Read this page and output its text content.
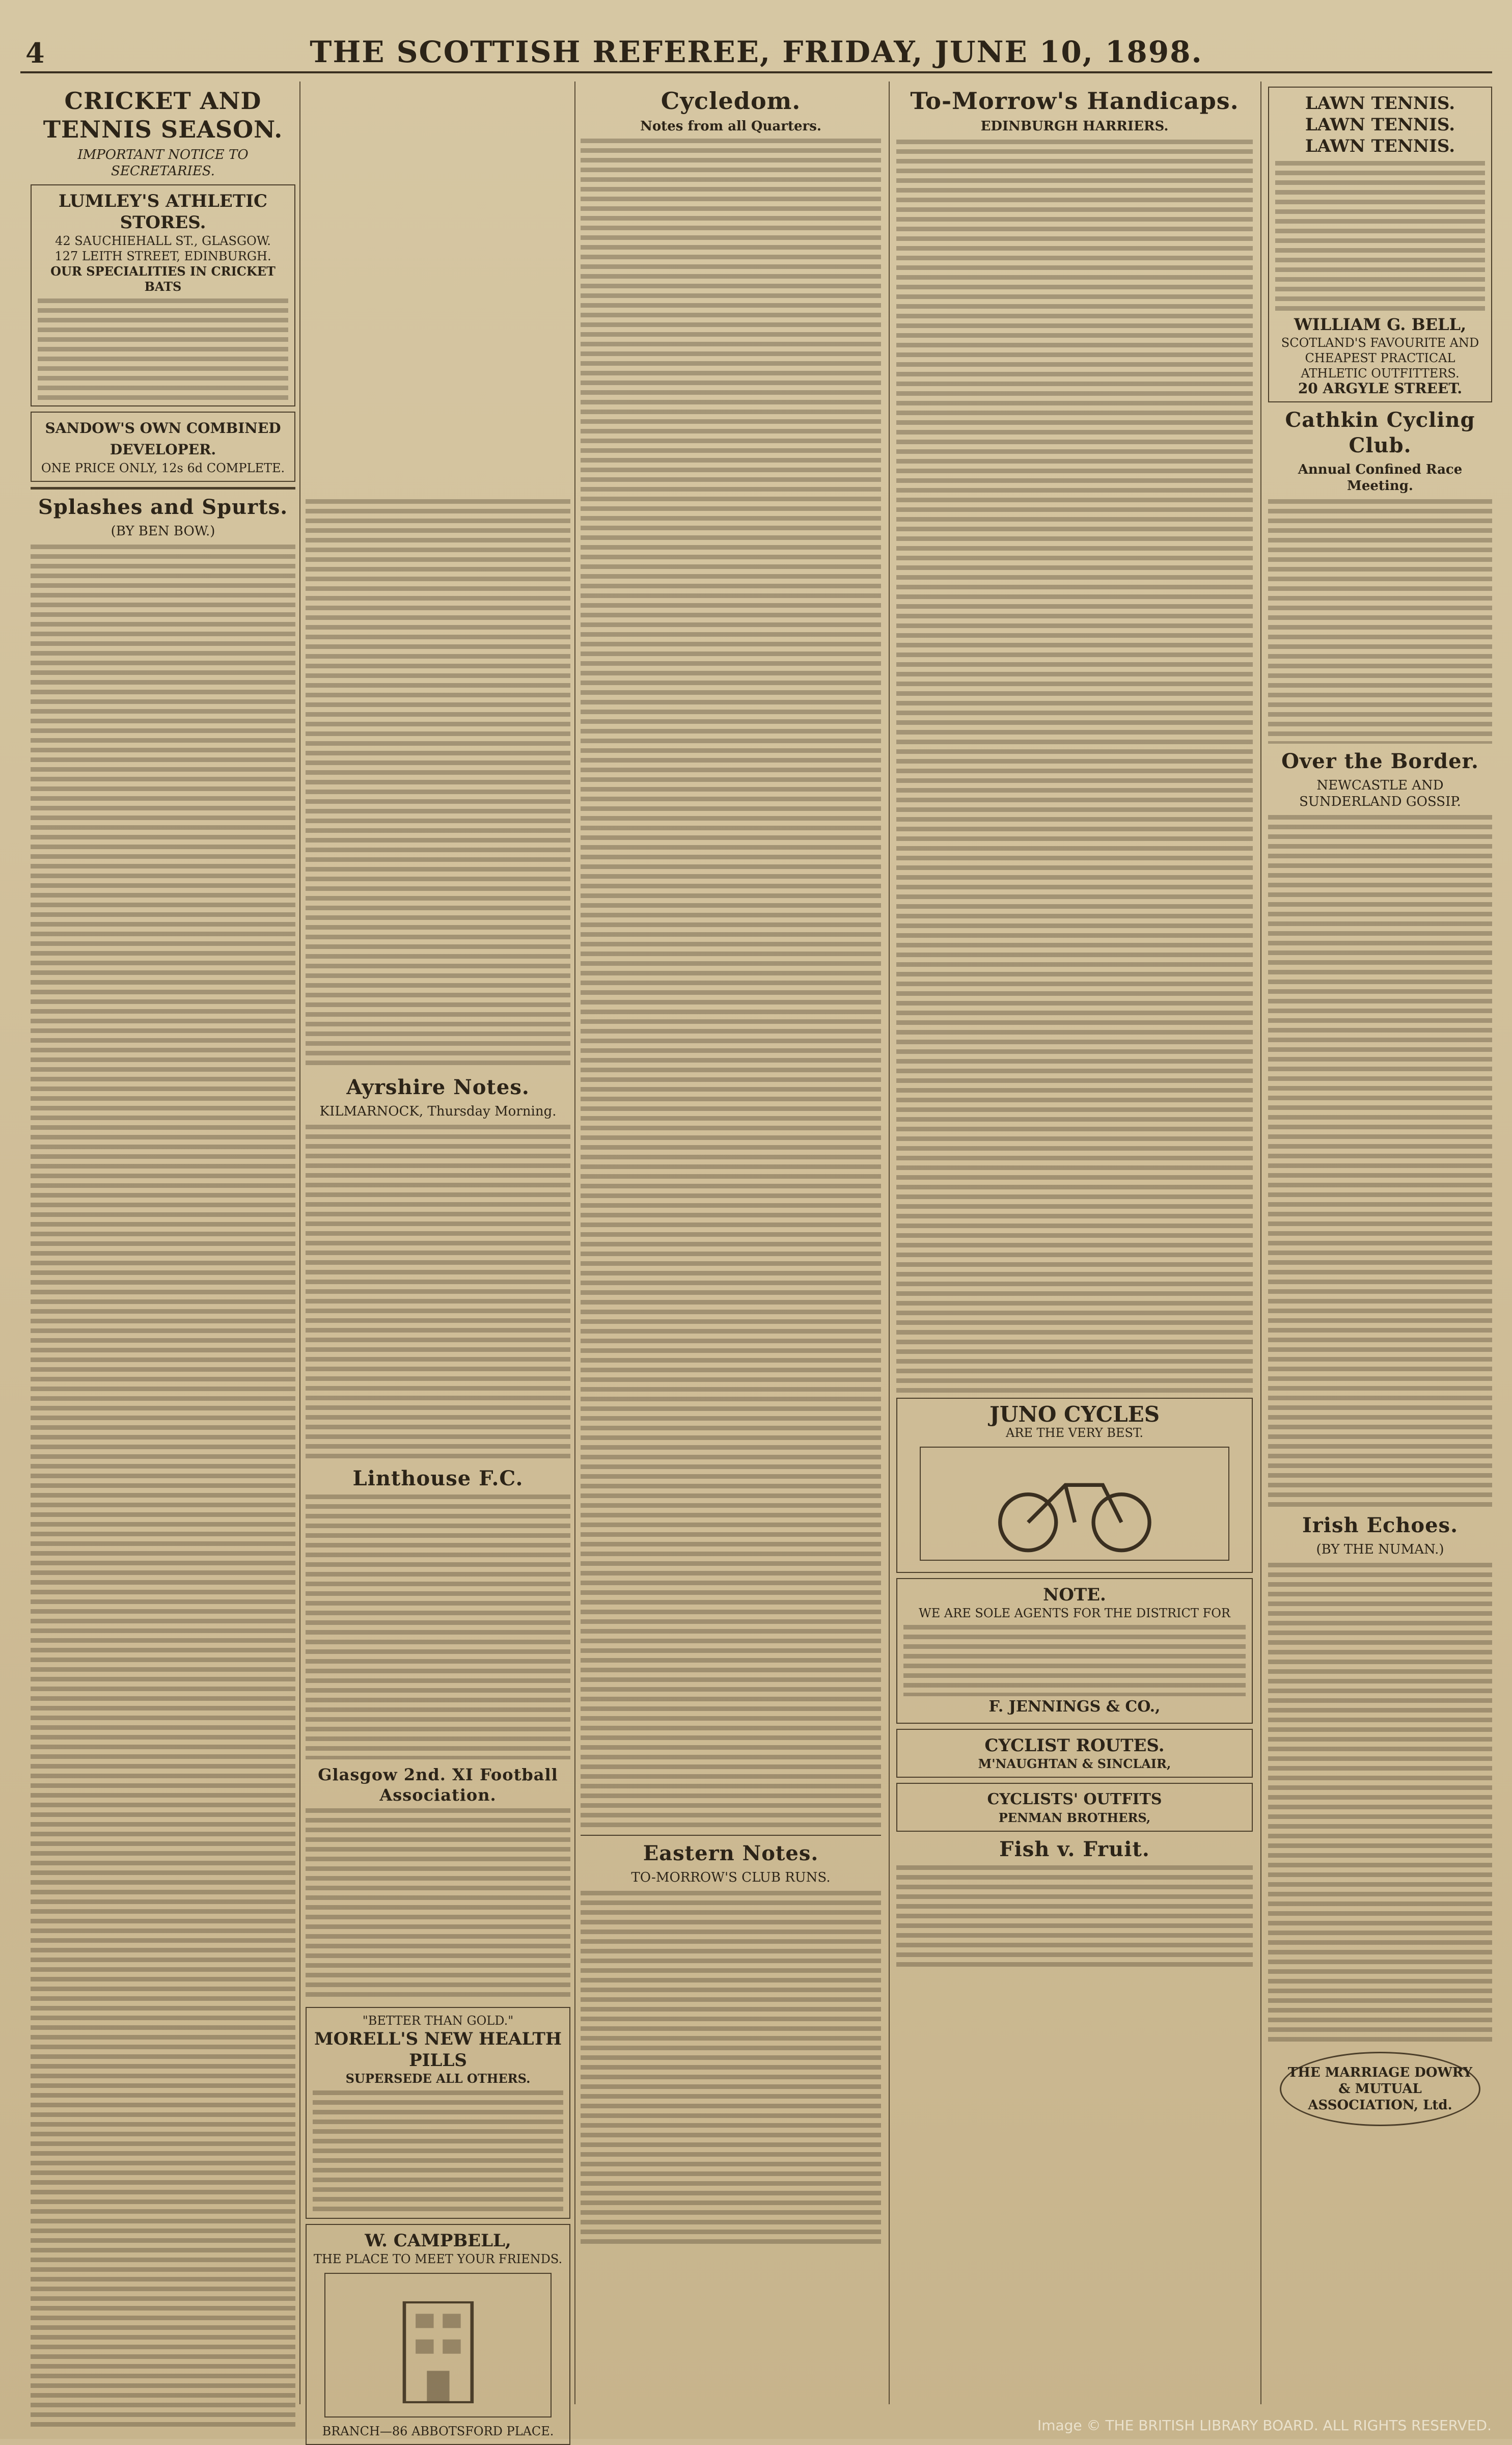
4	THE SCOTTISH REFEREE, FRIDAY, JUNE 10, 1898.
CRICKET AND TENNIS SEASON.
IMPORTANT NOTICE TO SECRETARIES.
LUMLEY'S ATHLETIC STORES.
42 SAUCHIEHALL ST., GLASGOW.
127 LEITH STREET, EDINBURGH.
OUR SPECIALITIES IN CRICKET BATS
SANDOW'S OWN COMBINED DEVELOPER.
ONE PRICE ONLY, 12s 6d COMPLETE.
Splashes and Spurts.
(BY BEN BOW.)
Ayrshire Notes.
KILMARNOCK, Thursday Morning.
Linthouse F.C.
Glasgow 2nd. XI Football Association.
"BETTER THAN GOLD."
MORELL'S NEW HEALTH PILLS
SUPERSEDE ALL OTHERS.
W. CAMPBELL,
THE PLACE TO MEET YOUR FRIENDS.
BRANCH—86 ABBOTSFORD PLACE.
Cycledom.
Notes from all Quarters.
Eastern Notes.
TO-MORROW'S CLUB RUNS.
To-Morrow's Handicaps.
EDINBURGH HARRIERS.
JUNO CYCLES
ARE THE VERY BEST.
NOTE.
WE ARE SOLE AGENTS FOR THE DISTRICT FOR
F. JENNINGS & CO.,
CYCLIST ROUTES.
M'NAUGHTAN & SINCLAIR,
CYCLISTS' OUTFITS
PENMAN BROTHERS,
Fish v. Fruit.
LAWN TENNIS.
LAWN TENNIS.
LAWN TENNIS.
WILLIAM G. BELL,
SCOTLAND'S FAVOURITE AND CHEAPEST PRACTICAL ATHLETIC OUTFITTERS.
20 ARGYLE STREET.
Cathkin Cycling Club.
Annual Confined Race Meeting.
Over the Border.
NEWCASTLE AND SUNDERLAND GOSSIP.
Irish Echoes.
(BY THE NUMAN.)
THE MARRIAGE DOWRY & MUTUAL ASSOCIATION, Ltd.
Image © THE BRITISH LIBRARY BOARD. ALL RIGHTS RESERVED.
